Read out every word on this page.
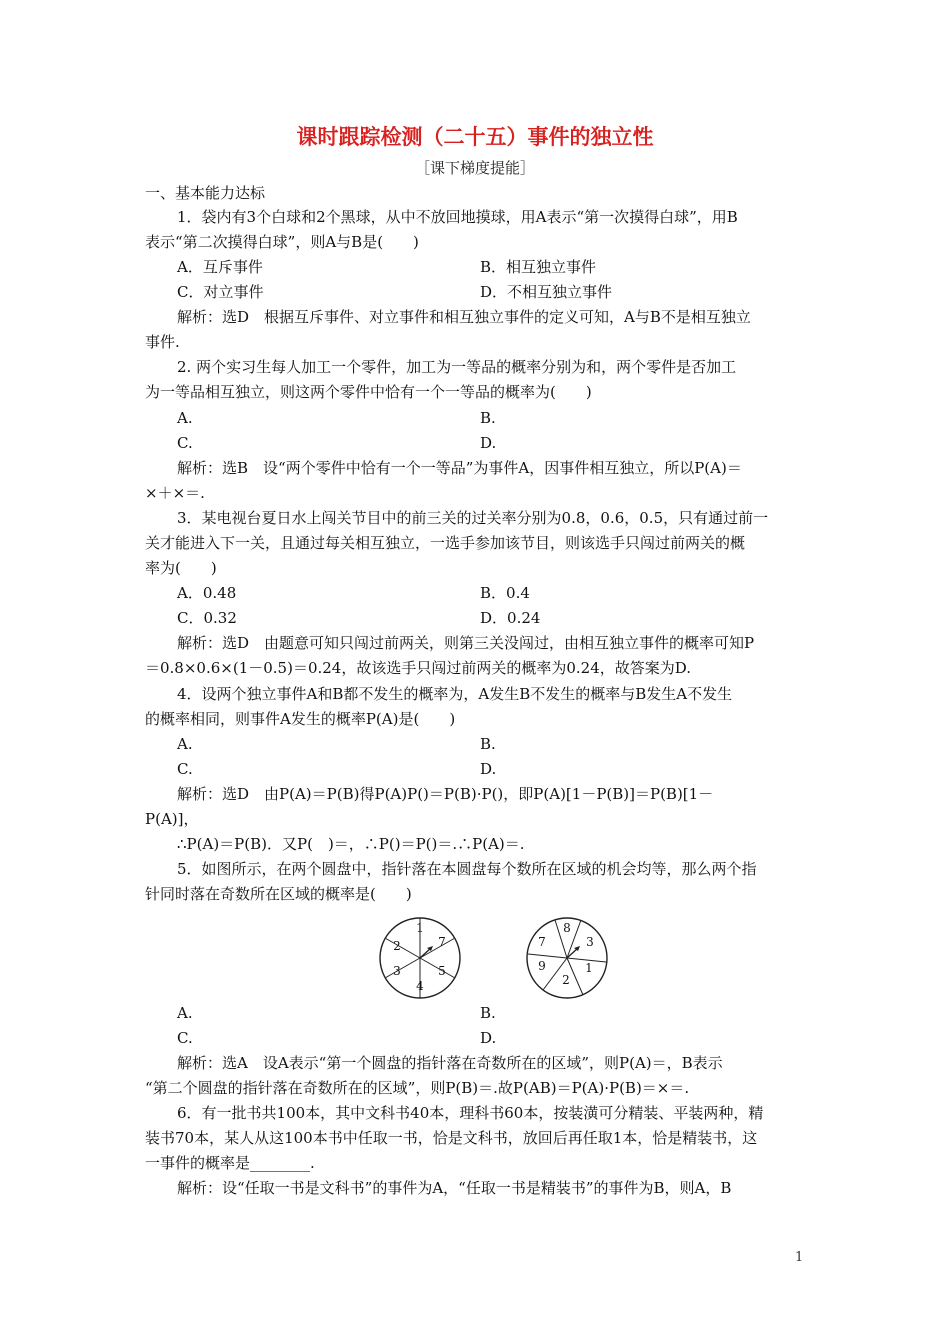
课时跟踪检测（二十五）事件的独立性
［课下梯度提能］
一、基本能力达标
1．袋内有3个白球和2个黑球，从中不放回地摸球，用A表示“第一次摸得白球”，用B
表示“第二次摸得白球”，则A与B是(　　)
A．互斥事件	B．相互独立事件
C．对立事件	D．不相互独立事件
解析：选D　根据互斥事件、对立事件和相互独立事件的定义可知，A与B不是相互独立
事件.
2. 两个实习生每人加工一个零件，加工为一等品的概率分别为和，两个零件是否加工
为一等品相互独立，则这两个零件中恰有一个一等品的概率为(　　)
A.	B.
C.	D.
解析：选B　设“两个零件中恰有一个一等品”为事件A，因事件相互独立，所以P(A)＝
×＋×＝.
3．某电视台夏日水上闯关节目中的前三关的过关率分别为0.8，0.6，0.5，只有通过前一
关才能进入下一关，且通过每关相互独立，一选手参加该节目，则该选手只闯过前两关的概
率为(　　)
A．0.48	B．0.4
C．0.32	D．0.24
解析：选D　由题意可知只闯过前两关，则第三关没闯过，由相互独立事件的概率可知P
＝0.8×0.6×(1－0.5)＝0.24，故该选手只闯过前两关的概率为0.24，故答案为D.
4．设两个独立事件A和B都不发生的概率为，A发生B不发生的概率与B发生A不发生
的概率相同，则事件A发生的概率P(A)是(　　)
A.	B.
C.	D.
解析：选D　由P(A)＝P(B)得P(A)P()＝P(B)·P()，即P(A)[1－P(B)]＝P(B)[1－
P(A)]，
∴P(A)＝P(B)．又P(　)＝，∴P()＝P()＝.∴P(A)＝.
5．如图所示，在两个圆盘中，指针落在本圆盘每个数所在区域的机会均等，那么两个指
针同时落在奇数所在区域的概率是(　　)
1
7
5
4
3
2
8
3
1
2
9
7
A.	B.
C.	D.
解析：选A　设A表示“第一个圆盘的指针落在奇数所在的区域”，则P(A)＝，B表示
“第二个圆盘的指针落在奇数所在的区域”，则P(B)＝.故P(AB)＝P(A)·P(B)＝×＝.
6．有一批书共100本，其中文科书40本，理科书60本，按装潢可分精装、平装两种，精
装书70本，某人从这100本书中任取一书，恰是文科书，放回后再任取1本，恰是精装书，这
一事件的概率是________.
解析：设“任取一书是文科书”的事件为A，“任取一书是精装书”的事件为B，则A，B
1
